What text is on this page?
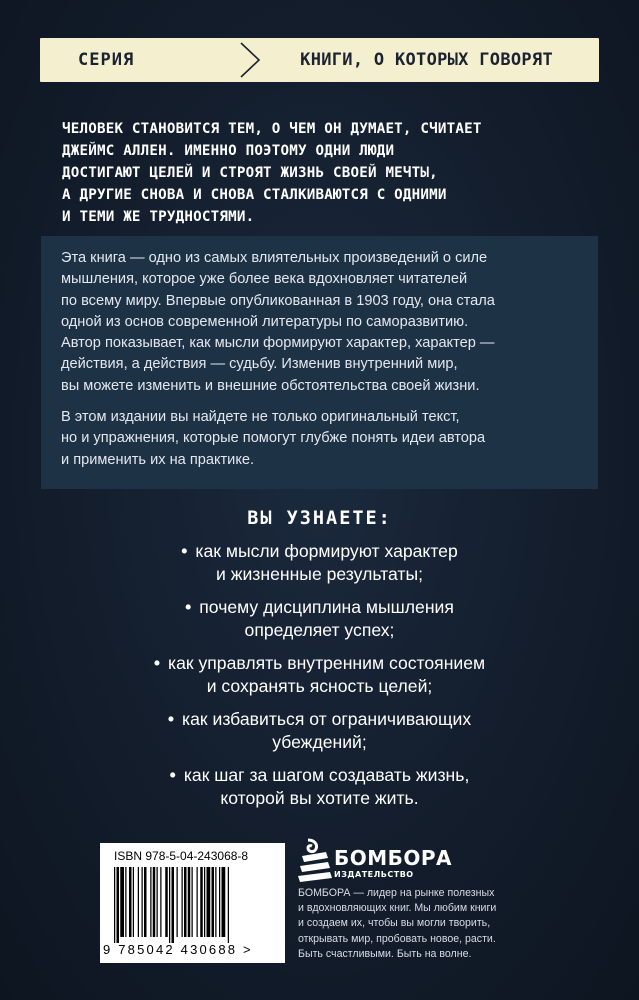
СЕРИЯ	КНИГИ, О КОТОРЫХ ГОВОРЯТ
ЧЕЛОВЕК СТАНОВИТСЯ ТЕМ, О ЧЕМ ОН ДУМАЕТ, СЧИТАЕТ
ДЖЕЙМС АЛЛЕН. ИМЕННО ПОЭТОМУ ОДНИ ЛЮДИ
ДОСТИГАЮТ ЦЕЛЕЙ И СТРОЯТ ЖИЗНЬ СВОЕЙ МЕЧТЫ,
А ДРУГИЕ СНОВА И СНОВА СТАЛКИВАЮТСЯ С ОДНИМИ
И ТЕМИ ЖЕ ТРУДНОСТЯМИ.

Эта книга — одно из самых влиятельных произведений о силе
мышления, которое уже более века вдохновляет читателей
по всему миру. Впервые опубликованная в 1903 году, она стала
одной из основ современной литературы по саморазвитию.
Автор показывает, как мысли формируют характер, характер —
действия, а действия — судьбу. Изменив внутренний мир,
вы можете изменить и внешние обстоятельства своей жизни.

В этом издании вы найдете не только оригинальный текст,
но и упражнения, которые помогут глубже понять идеи автора
и применить их на практике.

ВЫ УЗНАЕТЕ:
• как мысли формируют характер
и жизненные результаты;
• почему дисциплина мышления
определяет успех;
• как управлять внутренним состоянием
и сохранять ясность целей;
• как избавиться от ограничивающих
убеждений;
• как шаг за шагом создавать жизнь,
которой вы хотите жить.
ISBN 978-5-04-243068-8
9 785042 430688 >
БОМБОРА
ИЗДАТЕЛЬСТВО
БОМБОРА — лидер на рынке полезных
и вдохновляющих книг. Мы любим книги
и создаем их, чтобы вы могли творить,
открывать мир, пробовать новое, расти.
Быть счастливыми. Быть на волне.
